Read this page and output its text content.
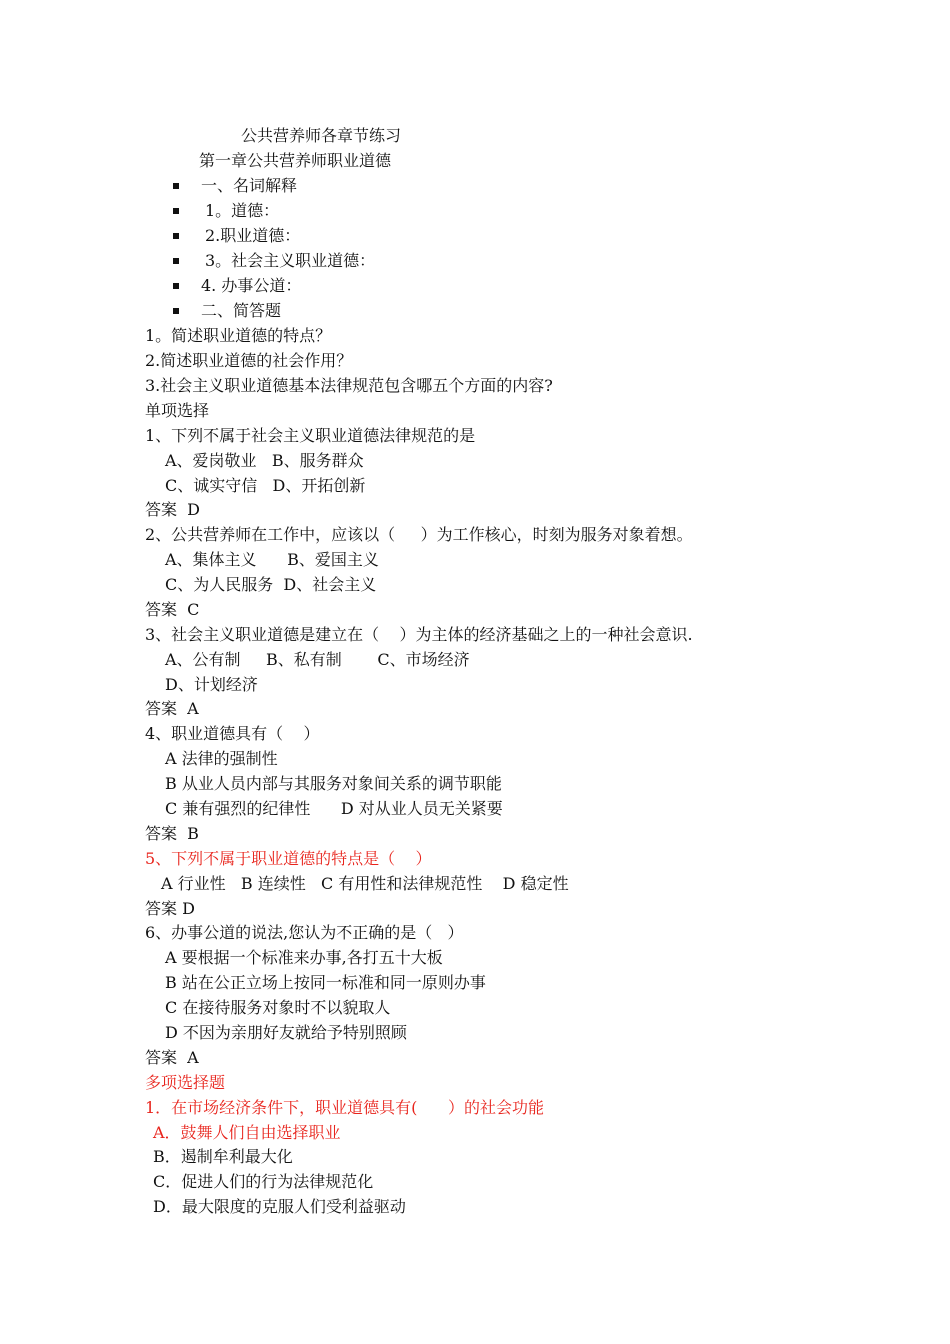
公共营养师各章节练习
第一章公共营养师职业道德
一、名词解释
1。道德：
2.职业道德：
3。社会主义职业道德：
4. 办事公道：
二、简答题
1。简述职业道德的特点？
2.简述职业道德的社会作用？
3.社会主义职业道德基本法律规范包含哪五个方面的内容?
单项选择
1、下列不属于社会主义职业道德法律规范的是
A、爱岗敬业   B、服务群众
C、诚实守信   D、开拓创新
答案  D
2、公共营养师在工作中，应该以（     ）为工作核心，时刻为服务对象着想。
A、集体主义      B、爱国主义
C、为人民服务  D、社会主义
答案  C
3、社会主义职业道德是建立在（    ）为主体的经济基础之上的一种社会意识.
A、公有制     B、私有制       C、市场经济
D、计划经济
答案  A
4、职业道德具有（    ）
A 法律的强制性
B 从业人员内部与其服务对象间关系的调节职能
C 兼有强烈的纪律性      D 对从业人员无关紧要
答案  B
5、下列不属于职业道德的特点是（    ）
A 行业性   B 连续性   C 有用性和法律规范性    D 稳定性
答案 D
6、办事公道的说法,您认为不正确的是（   ）
A 要根据一个标准来办事,各打五十大板
B 站在公正立场上按同一标准和同一原则办事
C 在接待服务对象时不以貌取人
D 不因为亲朋好友就给予特别照顾
答案  A
多项选择题
1．在市场经济条件下，职业道德具有(      ）的社会功能
A．鼓舞人们自由选择职业
B．遏制牟利最大化
C．促进人们的行为法律规范化
D．最大限度的克服人们受利益驱动
